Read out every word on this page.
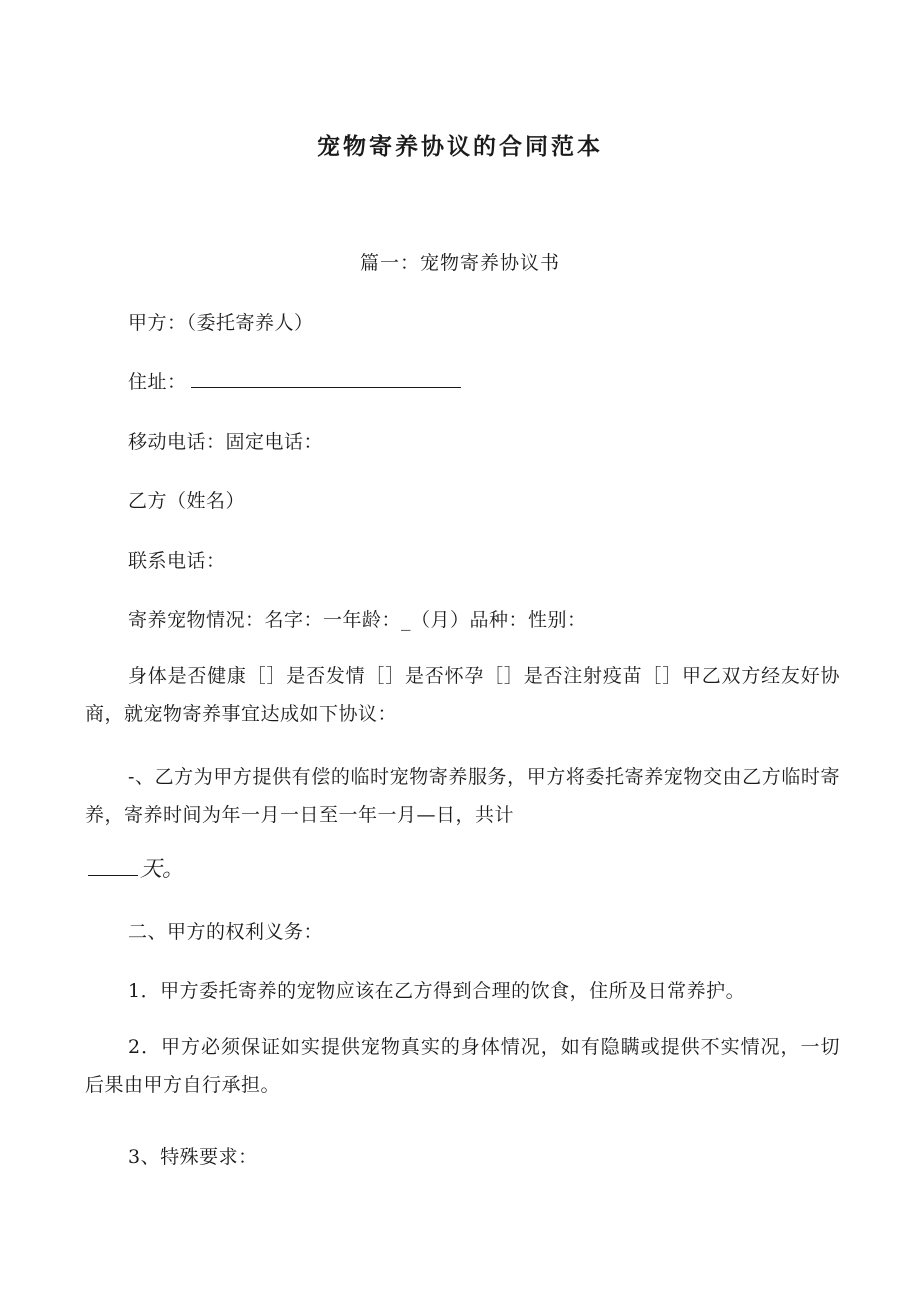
宠物寄养协议的合同范本
篇一：宠物寄养协议书
甲方：（委托寄养人）
住址：
移动电话：固定电话：
乙方（姓名）
联系电话：
寄养宠物情况：名字：一年龄：_（月）品种：性别：
身体是否健康［］是否发情［］是否怀孕［］是否注射疫苗［］甲乙双方经友好协商，就宠物寄养事宜达成如下协议：
-、乙方为甲方提供有偿的临时宠物寄养服务，甲方将委托寄养宠物交由乙方临时寄养，寄养时间为年一月一日至一年一月—日，共计
天。
二、甲方的权利义务：
1．甲方委托寄养的宠物应该在乙方得到合理的饮食，住所及日常养护。
2．甲方必须保证如实提供宠物真实的身体情况，如有隐瞒或提供不实情况，一切后果由甲方自行承担。
3、特殊要求：
